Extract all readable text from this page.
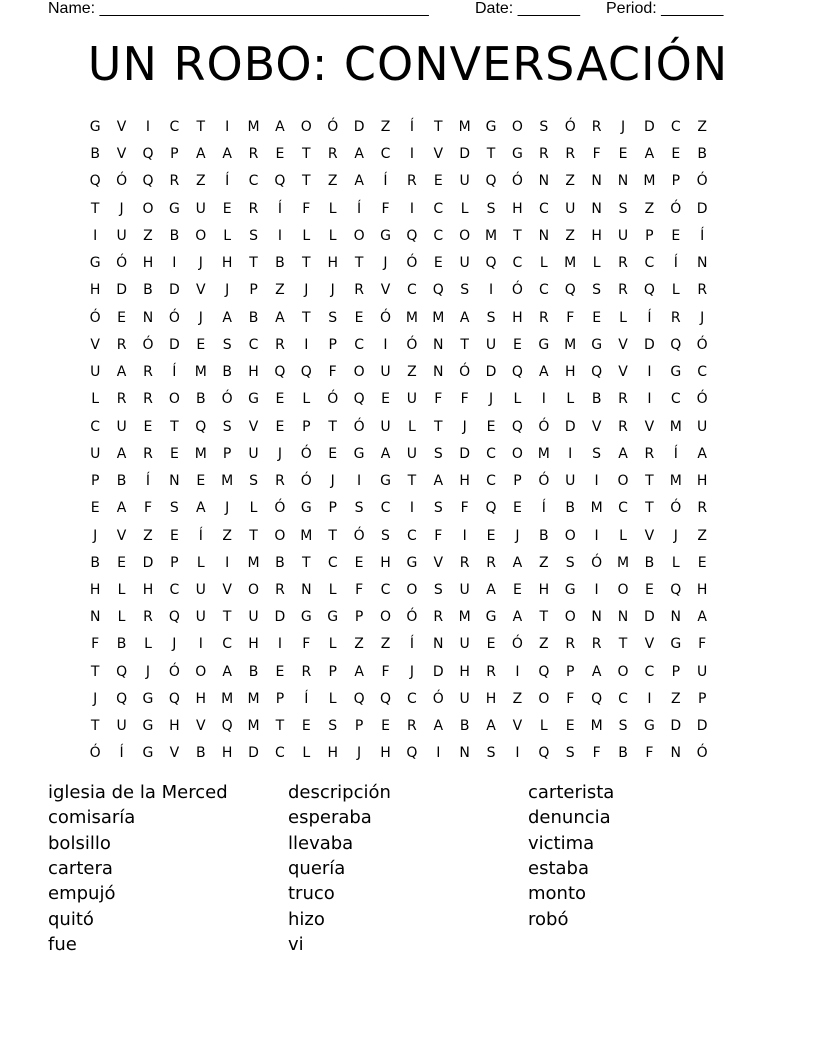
Name: _____________________________________	Date: _______ Period: _______
UN ROBO: CONVERSACIÓN
G	V	I	C	T	I	M	A	O	Ó	D	Z	Í	T	M	G	O	S	Ó	R	J	D	C	Z
B	V	Q	P	A	A	R	E	T	R	A	C	I	V	D	T	G	R	R	F	E	A	E	B
Q	Ó	Q	R	Z	Í	C	Q	T	Z	A	Í	R	E	U	Q	Ó	N	Z	N	N	M	P	Ó
T	J	O	G	U	E	R	Í	F	L	Í	F	I	C	L	S	H	C	U	N	S	Z	Ó	D
I	U	Z	B	O	L	S	I	L	L	O	G	Q	C	O	M	T	N	Z	H	U	P	E	Í
G	Ó	H	I	J	H	T	B	T	H	T	J	Ó	E	U	Q	C	L	M	L	R	C	Í	N
H	D	B	D	V	J	P	Z	J	J	R	V	C	Q	S	I	Ó	C	Q	S	R	Q	L	R
Ó	E	N	Ó	J	A	B	A	T	S	E	Ó	M	M	A	S	H	R	F	E	L	Í	R	J
V	R	Ó	D	E	S	C	R	I	P	C	I	Ó	N	T	U	E	G	M	G	V	D	Q	Ó
U	A	R	Í	M	B	H	Q	Q	F	O	U	Z	N	Ó	D	Q	A	H	Q	V	I	G	C
L	R	R	O	B	Ó	G	E	L	Ó	Q	E	U	F	F	J	L	I	L	B	R	I	C	Ó
C	U	E	T	Q	S	V	E	P	T	Ó	U	L	T	J	E	Q	Ó	D	V	R	V	M	U
U	A	R	E	M	P	U	J	Ó	E	G	A	U	S	D	C	O	M	I	S	A	R	Í	A
P	B	Í	N	E	M	S	R	Ó	J	I	G	T	A	H	C	P	Ó	U	I	O	T	M	H
E	A	F	S	A	J	L	Ó	G	P	S	C	I	S	F	Q	E	Í	B	M	C	T	Ó	R
J	V	Z	E	Í	Z	T	O	M	T	Ó	S	C	F	I	E	J	B	O	I	L	V	J	Z
B	E	D	P	L	I	M	B	T	C	E	H	G	V	R	R	A	Z	S	Ó	M	B	L	E
H	L	H	C	U	V	O	R	N	L	F	C	O	S	U	A	E	H	G	I	O	E	Q	H
N	L	R	Q	U	T	U	D	G	G	P	O	Ó	R	M	G	A	T	O	N	N	D	N	A
F	B	L	J	I	C	H	I	F	L	Z	Z	Í	N	U	E	Ó	Z	R	R	T	V	G	F
T	Q	J	Ó	O	A	B	E	R	P	A	F	J	D	H	R	I	Q	P	A	O	C	P	U
J	Q	G	Q	H	M	M	P	Í	L	Q	Q	C	Ó	U	H	Z	O	F	Q	C	I	Z	P
T	U	G	H	V	Q	M	T	E	S	P	E	R	A	B	A	V	L	E	M	S	G	D	D
Ó	Í	G	V	B	H	D	C	L	H	J	H	Q	I	N	S	I	Q	S	F	B	F	N	Ó
iglesia de la Merced
comisaría
bolsillo
cartera
empujó
quitó
fue
descripción
esperaba
llevaba
quería
truco
hizo
vi
carterista
denuncia
victima
estaba
monto
robó
